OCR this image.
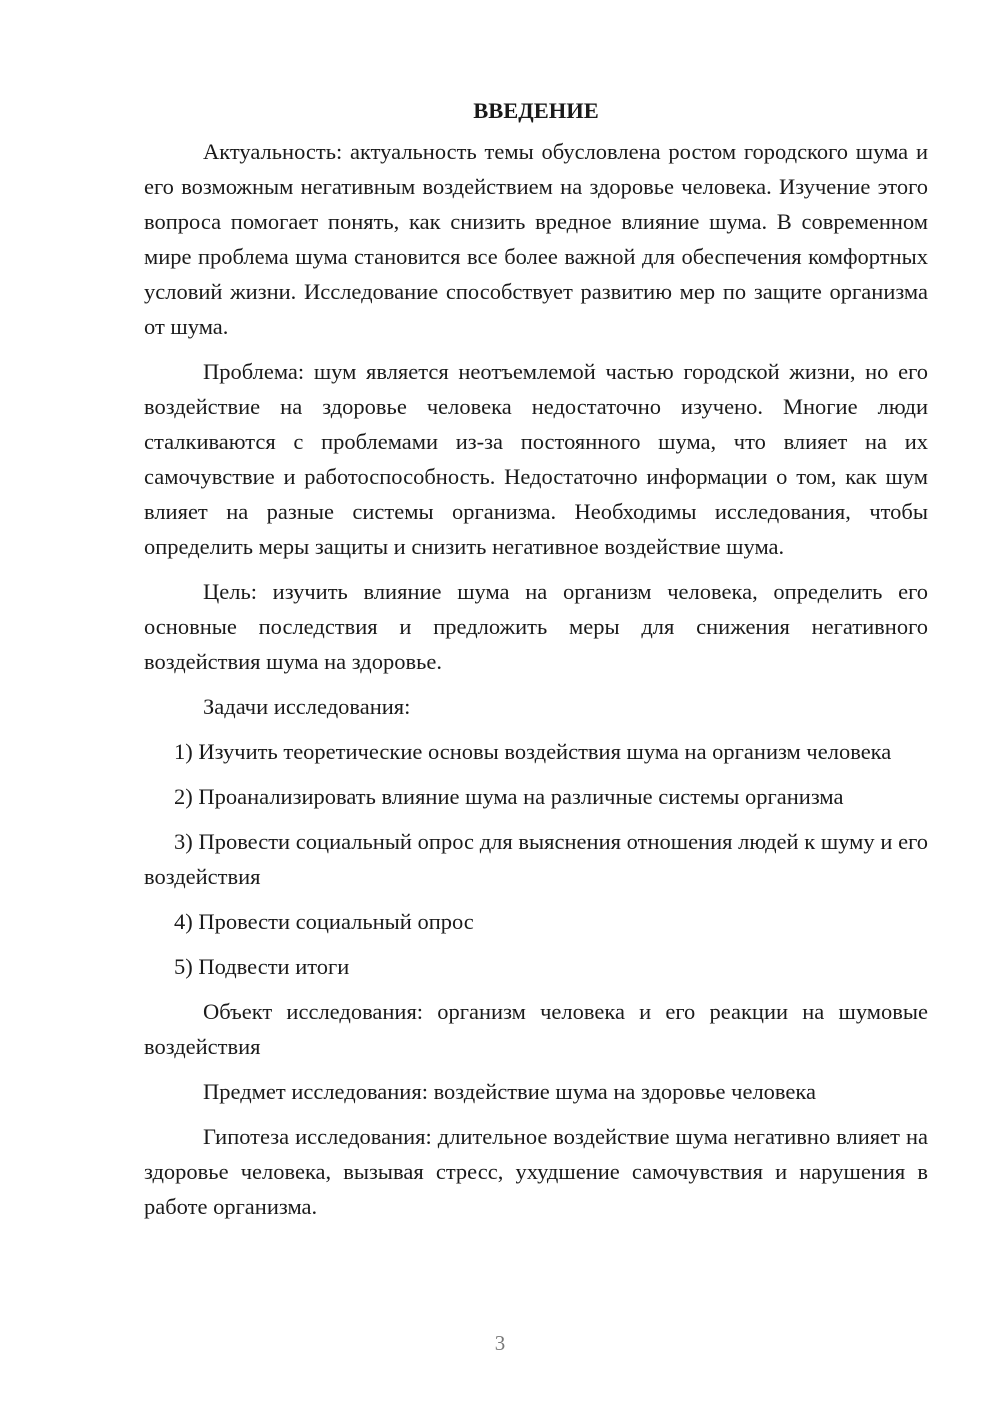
ВВЕДЕНИЕ

Актуальность: актуальность темы обусловлена ростом городского шума и его возможным негативным воздействием на здоровье человека. Изучение этого вопроса помогает понять, как снизить вредное влияние шума. В современном мире проблема шума становится все более важной для обеспечения комфортных условий жизни. Исследование способствует развитию мер по защите организма от шума.

Проблема: шум является неотъемлемой частью городской жизни, но его воздействие на здоровье человека недостаточно изучено. Многие люди сталкиваются с проблемами из-за постоянного шума, что влияет на их самочувствие и работоспособность. Недостаточно информации о том, как шум влияет на разные системы организма. Необходимы исследования, чтобы определить меры защиты и снизить негативное воздействие шума.

Цель: изучить влияние шума на организм человека, определить его основные последствия и предложить меры для снижения негативного воздействия шума на здоровье.

Задачи исследования:

1) Изучить теоретические основы воздействия шума на организм человека

2) Проанализировать влияние шума на различные системы организма

3) Провести социальный опрос для выяснения отношения людей к шуму и его воздействия

4) Провести социальный опрос

5) Подвести итоги

Объект исследования: организм человека и его реакции на шумовые воздействия

Предмет исследования: воздействие шума на здоровье человека

Гипотеза исследования: длительное воздействие шума негативно влияет на здоровье человека, вызывая стресс, ухудшение самочувствия и нарушения в работе организма.

3
